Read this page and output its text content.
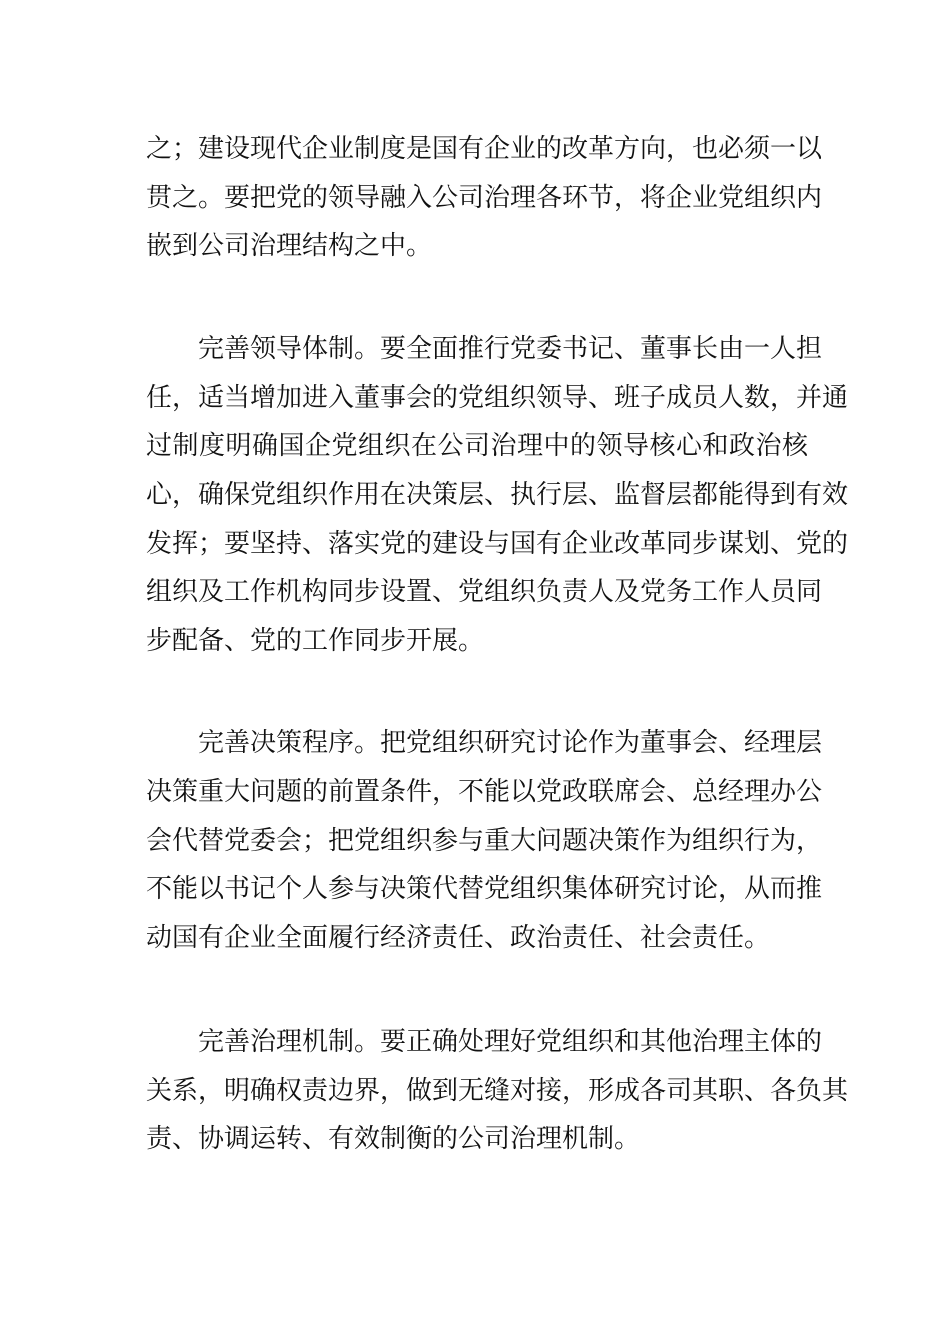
之；建设现代企业制度是国有企业的改革方向，也必须一以
贯之。要把党的领导融入公司治理各环节，将企业党组织内
嵌到公司治理结构之中。
　　完善领导体制。要全面推行党委书记、董事长由一人担
任，适当增加进入董事会的党组织领导、班子成员人数，并通
过制度明确国企党组织在公司治理中的领导核心和政治核
心，确保党组织作用在决策层、执行层、监督层都能得到有效
发挥；要坚持、落实党的建设与国有企业改革同步谋划、党的
组织及工作机构同步设置、党组织负责人及党务工作人员同
步配备、党的工作同步开展。
　　完善决策程序。把党组织研究讨论作为董事会、经理层
决策重大问题的前置条件，不能以党政联席会、总经理办公
会代替党委会；把党组织参与重大问题决策作为组织行为，
不能以书记个人参与决策代替党组织集体研究讨论，从而推
动国有企业全面履行经济责任、政治责任、社会责任。
　　完善治理机制。要正确处理好党组织和其他治理主体的
关系，明确权责边界，做到无缝对接，形成各司其职、各负其
责、协调运转、有效制衡的公司治理机制。
